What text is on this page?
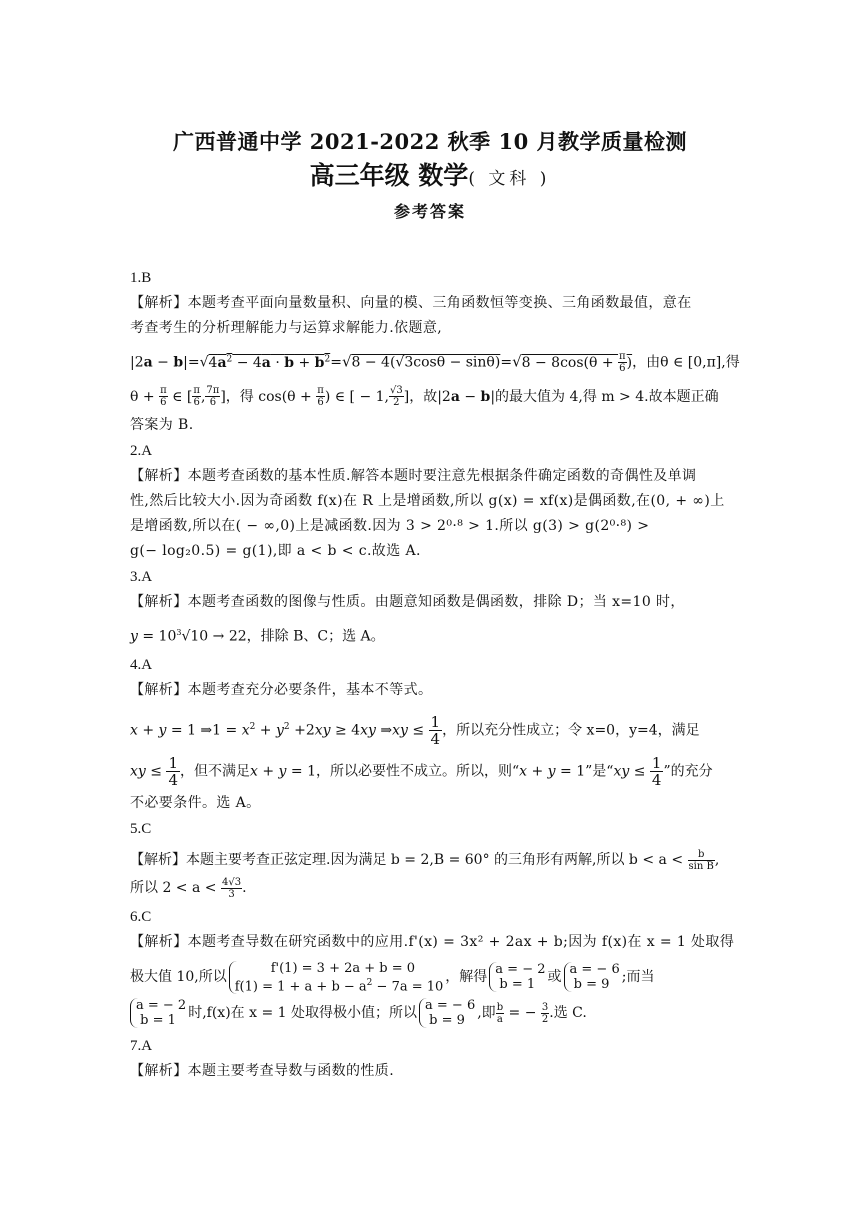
广西普通中学 2021-2022 秋季 10 月教学质量检测
高三年级 数学( 文科 )
参考答案
1.B
【解析】本题考查平面向量数量积、向量的模、三角函数恒等变换、三角函数最值，意在
考查考生的分析理解能力与运算求解能力.依题意,
$|2a - b|=√4a^2 - 4a \cdot b + b^2=√8 - 4(√3\cos\theta - \sin\theta)=√8 - 8\cos(\theta + \frac{\pi}{6}$ )，由θ ∈ [0,π],得
$\theta + \frac{\pi}{6}$ ∈ [ $\frac{\pi}{6}$ , $\frac{7\pi}{6}$ ]，得 $\cos(\theta + \frac{\pi}{6}$ ) ∈ [ − 1, $\frac{√3}{2}$ ]，故|2a − b|的最大值为 4,得 m > 4.故本题正确
答案为 B.
2.A
【解析】本题考查函数的基本性质.解答本题时要注意先根据条件确定函数的奇偶性及单调
性,然后比较大小.因为奇函数 f(x)在 R 上是增函数,所以 g(x) = xf(x)是偶函数,在(0, + ∞)上
是增函数,所以在( − ∞,0)上是减函数.因为 3 > 2⁰·⁸ > 1.所以 g(3) > g(2⁰·⁸) >
g(− log₂0.5) = g(1),即 a < b < c.故选 A.
3.A
【解析】本题考查函数的图像与性质。由题意知函数是偶函数，排除 D；当 x=10 时，
$y = 10^3√10 \to 22$，排除 B、C；选 A。
4.A
【解析】本题考查充分必要条件，基本不等式。
x + y = 1 ⇒1 = $x^2 + y^2 +2xy \ge 4xy$ ⇒xy ≤ $\frac{1}{4}$ ，所以充分性成立；令 x=0，y=4，满足
xy ≤ $\frac{1}{4}$ ，但不满足x + y = 1，所以必要性不成立。所以，则“x + y = 1”是“xy ≤ $\frac{1}{4}$ ”的充分
不必要条件。选 A。
5.C
【解析】本题主要考查正弦定理.因为满足 b = 2,B = 60° 的三角形有两解,所以 $b < a < \frac{b}{\text{sin B}}$ ,
所以 $2 < a < \frac{4√3}{3}$ .
6.C
【解析】本题考查导数在研究函数中的应用.f'(x) = 3x² + 2ax + b;因为 f(x)在 x = 1 处取得
极大值 10,所以
f'(1) = 3 + 2a + b = 0
$f(1) = 1 + a + b - a^2 - 7a = 10$
，解得 a = − 2
b = 1 或 a = − 6
b = 9 ;而当
a = − 2
b = 1 时,f(x)在 x = 1 处取得极小值；所以 a = − 6
b = 9 ,即 $\frac{b}{a}$ = − $\frac{3}{2}$ .选 C.
7.A
【解析】本题主要考查导数与函数的性质.
